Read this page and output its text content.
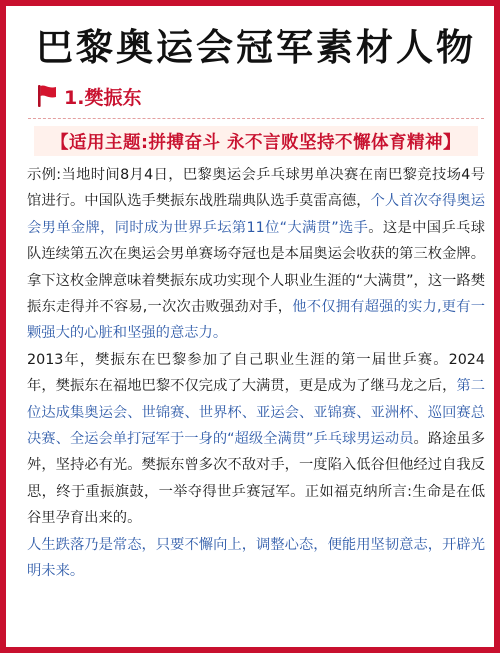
巴黎奥运会冠军素材人物
1.樊振东
【适用主题:拼搏奋斗 永不言败坚持不懈体育精神】

示例:当地时间8月4日，巴黎奥运会乒乓球男单决赛在南巴黎竞技场4号馆进行。中国队选手樊振东战胜瑞典队选手莫雷高德，个人首次夺得奥运会男单金牌，同时成为世界乒坛第11位“大满贯”选手。这是中国乒乓球队连续第五次在奥运会男单赛场夺冠也是本届奥运会收获的第三枚金牌。拿下这枚金牌意味着樊振东成功实现个人职业生涯的“大满贯”，这一路樊振东走得并不容易,一次次击败强劲对手，他不仅拥有超强的实力,更有一颗强大的心脏和坚强的意志力。

2013年，樊振东在巴黎参加了自己职业生涯的第一届世乒赛。2024年，樊振东在福地巴黎不仅完成了大满贯，更是成为了继马龙之后，第二位达成集奥运会、世锦赛、世界杯、亚运会、亚锦赛、亚洲杯、巡回赛总决赛、全运会单打冠军于一身的“超级全满贯”乒乓球男运动员。路途虽多舛，坚持必有光。樊振东曾多次不敌对手，一度陷入低谷但他经过自我反思，终于重振旗鼓，一举夺得世乒赛冠军。正如福克纳所言:生命是在低谷里孕育出来的。

人生跌落乃是常态，只要不懈向上，调整心态，便能用坚韧意志，开辟光明未来。
